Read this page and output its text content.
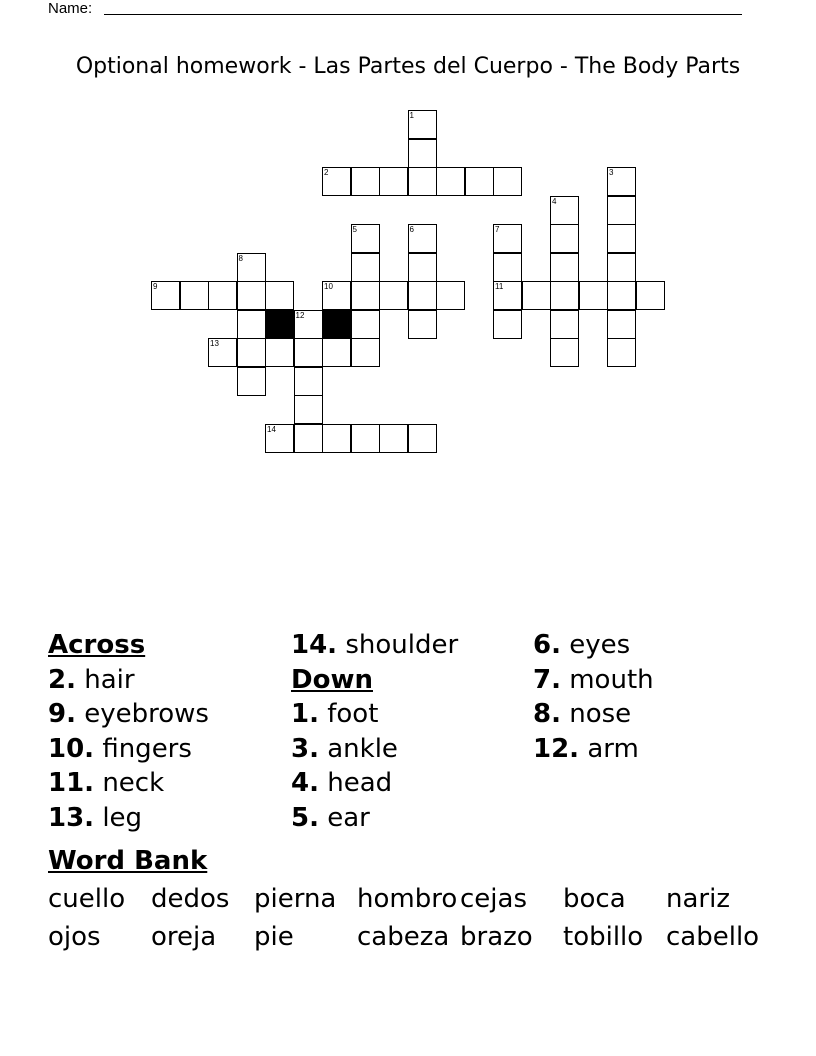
Name:
Optional homework - Las Partes del Cuerpo - The Body Parts
1
2	3
4
5	6	7
8
9	10	11
12
13
14
Across
2. hair
9. eyebrows
10. fingers
11. neck
13. leg
14. shoulder
Down
1. foot
3. ankle
4. head
5. ear
6. eyes
7. mouth
8. nose
12. arm
Word Bank
cuello dedos pierna hombro cejas boca nariz
ojos oreja pie cabeza brazo tobillo cabello
